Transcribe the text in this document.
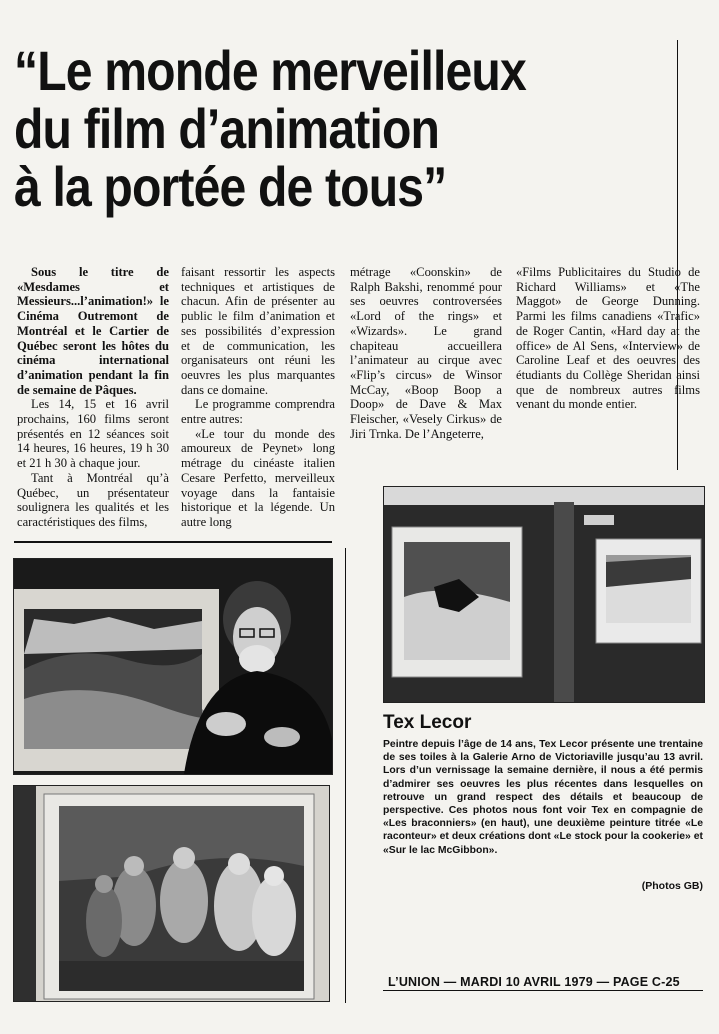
“Le monde merveilleux
du film d’animation
à la portée de tous”

Sous le titre de «Mesdames et Messieurs...l’animation!» le Cinéma Outremont de Montréal et le Cartier de Québec seront les hôtes du cinéma international d’animation pendant la fin de semaine de Pâques.

Les 14, 15 et 16 avril prochains, 160 films seront présentés en 12 séances soit 14 heures, 16 heures, 19 h 30 et 21 h 30 à chaque jour.

Tant à Montréal qu’à Québec, un présentateur soulignera les qualités et les caractéristiques des films,

faisant ressortir les aspects techniques et artistiques de chacun. Afin de présenter au public le film d’animation et ses possibilités d’expression et de communication, les organisateurs ont réuni les oeuvres les plus marquantes dans ce domaine.

Le programme comprendra entre autres:

«Le tour du monde des amoureux de Peynet» long métrage du cinéaste italien Cesare Perfetto, merveilleux voyage dans la fantaisie historique et la légende. Un autre long

métrage «Coonskin» de Ralph Bakshi, renommé pour ses oeuvres controversées «Lord of the rings» et «Wizards». Le grand chapiteau accueillera l’animateur au cirque avec «Flip’s circus» de Winsor McCay, «Boop Boop a Doop» de Dave & Max Fleischer, «Vesely Cirkus» de Jiri Trnka. De l’Angeterre,

«Films Publicitaires du Studio de Richard Williams» et «The Maggot» de George Dunning. Parmi les films canadiens «Trafic» de Roger Cantin, «Hard day at the office» de Al Sens, «Interview» de Caroline Leaf et des oeuvres des étudiants du Collège Sheridan ainsi que de nombreux autres films venant du monde entier.

Tex Lecor
Peintre depuis l’âge de 14 ans, Tex Lecor présente une trentaine de ses toiles à la Galerie Arno de Victoriaville jusqu’au 13 avril. Lors d’un vernissage la semaine dernière, il nous a été permis d’admirer ses oeuvres les plus récentes dans lesquelles on retrouve un grand respect des détails et beaucoup de perspective. Ces photos nous font voir Tex en compagnie de «Les braconniers» (en haut), une deuxième peinture titrée «Le raconteur» et deux créations dont «Le stock pour la cookerie» et «Sur le lac McGibbon».
(Photos GB)
L’UNION — MARDI 10 AVRIL 1979 — PAGE C-25
